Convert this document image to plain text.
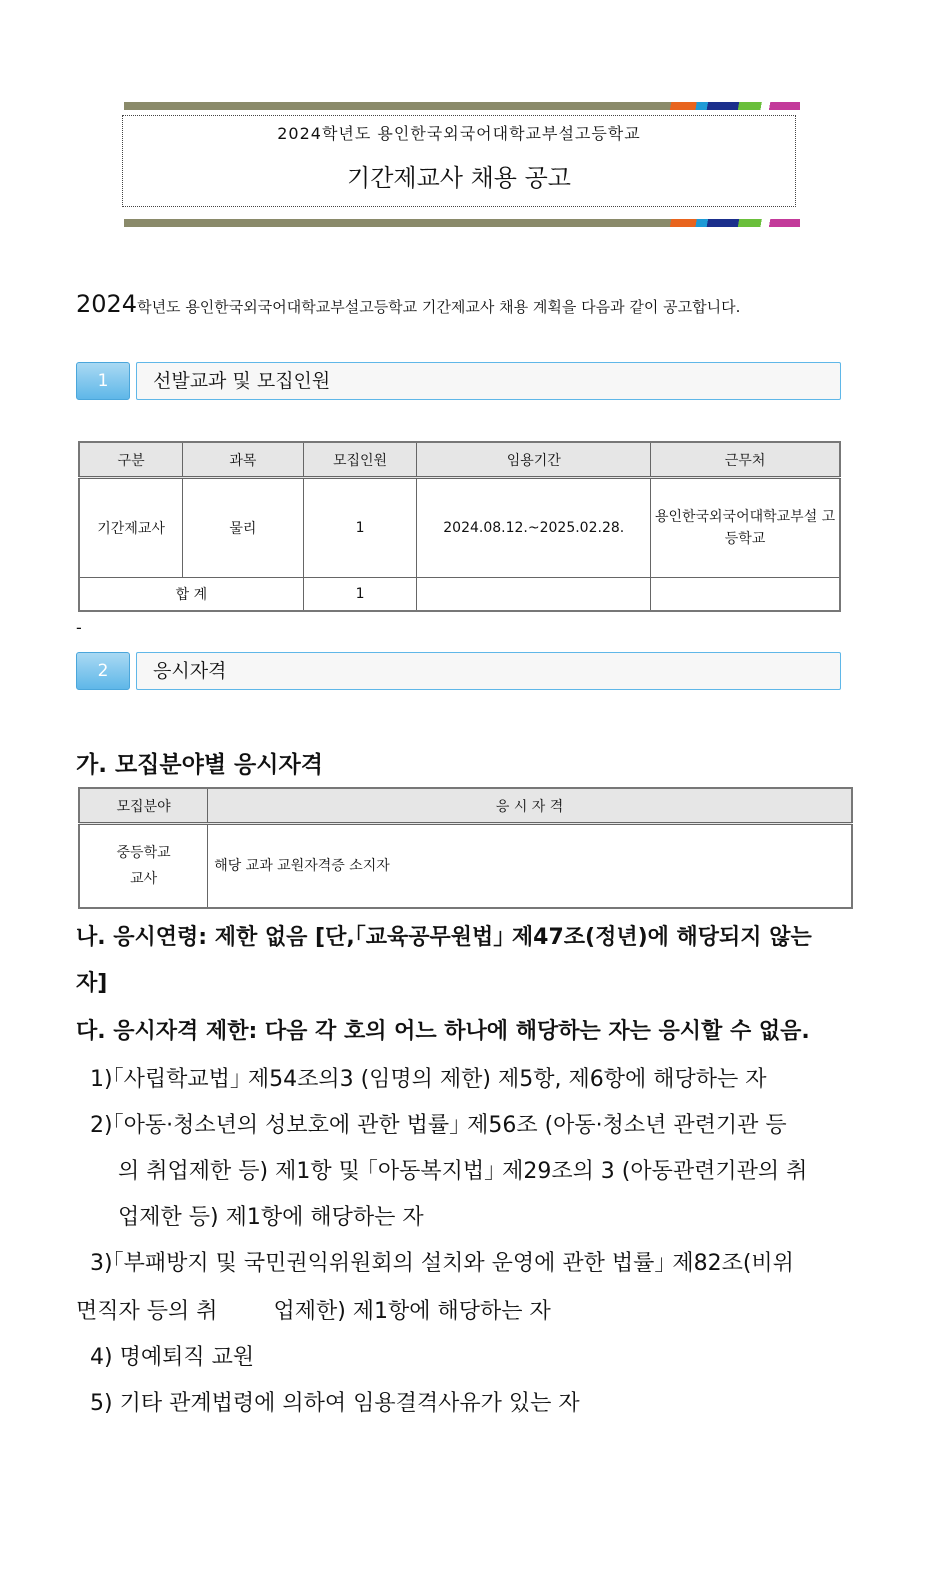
2024학년도 용인한국외국어대학교부설고등학교
기간제교사 채용 공고
2024학년도 용인한국외국어대학교부설고등학교 기간제교사 채용 계획을 다음과 같이 공고합니다.
1	선발교과 및 모집인원
구분	과목	모집인원	임용기간	근무처
기간제교사	물리	1	2024.08.12.~2025.02.28.	용인한국외국어대학교부설 고등학교
합 계		1		
-
2	응시자격
가. 모집분야별 응시자격
모집분야	응 시 자 격
중등학교
교사	해당 교과 교원자격증 소지자
나. 응시연령: 제한 없음 [단,｢교육공무원법｣ 제47조(정년)에 해당되지 않는
자]
다. 응시자격 제한: 다음 각 호의 어느 하나에 해당하는 자는 응시할 수 없음.
1)｢사립학교법｣ 제54조의3 (임명의 제한) 제5항, 제6항에 해당하는 자
2)｢아동·청소년의 성보호에 관한 법률｣ 제56조 (아동·청소년 관련기관 등
의 취업제한 등) 제1항 및 ｢아동복지법｣ 제29조의 3 (아동관련기관의 취
업제한 등) 제1항에 해당하는 자
3)｢부패방지 및 국민권익위원회의 설치와 운영에 관한 법률｣ 제82조(비위
면직자 등의 취        업제한) 제1항에 해당하는 자
4) 명예퇴직 교원
5) 기타 관계법령에 의하여 임용결격사유가 있는 자
